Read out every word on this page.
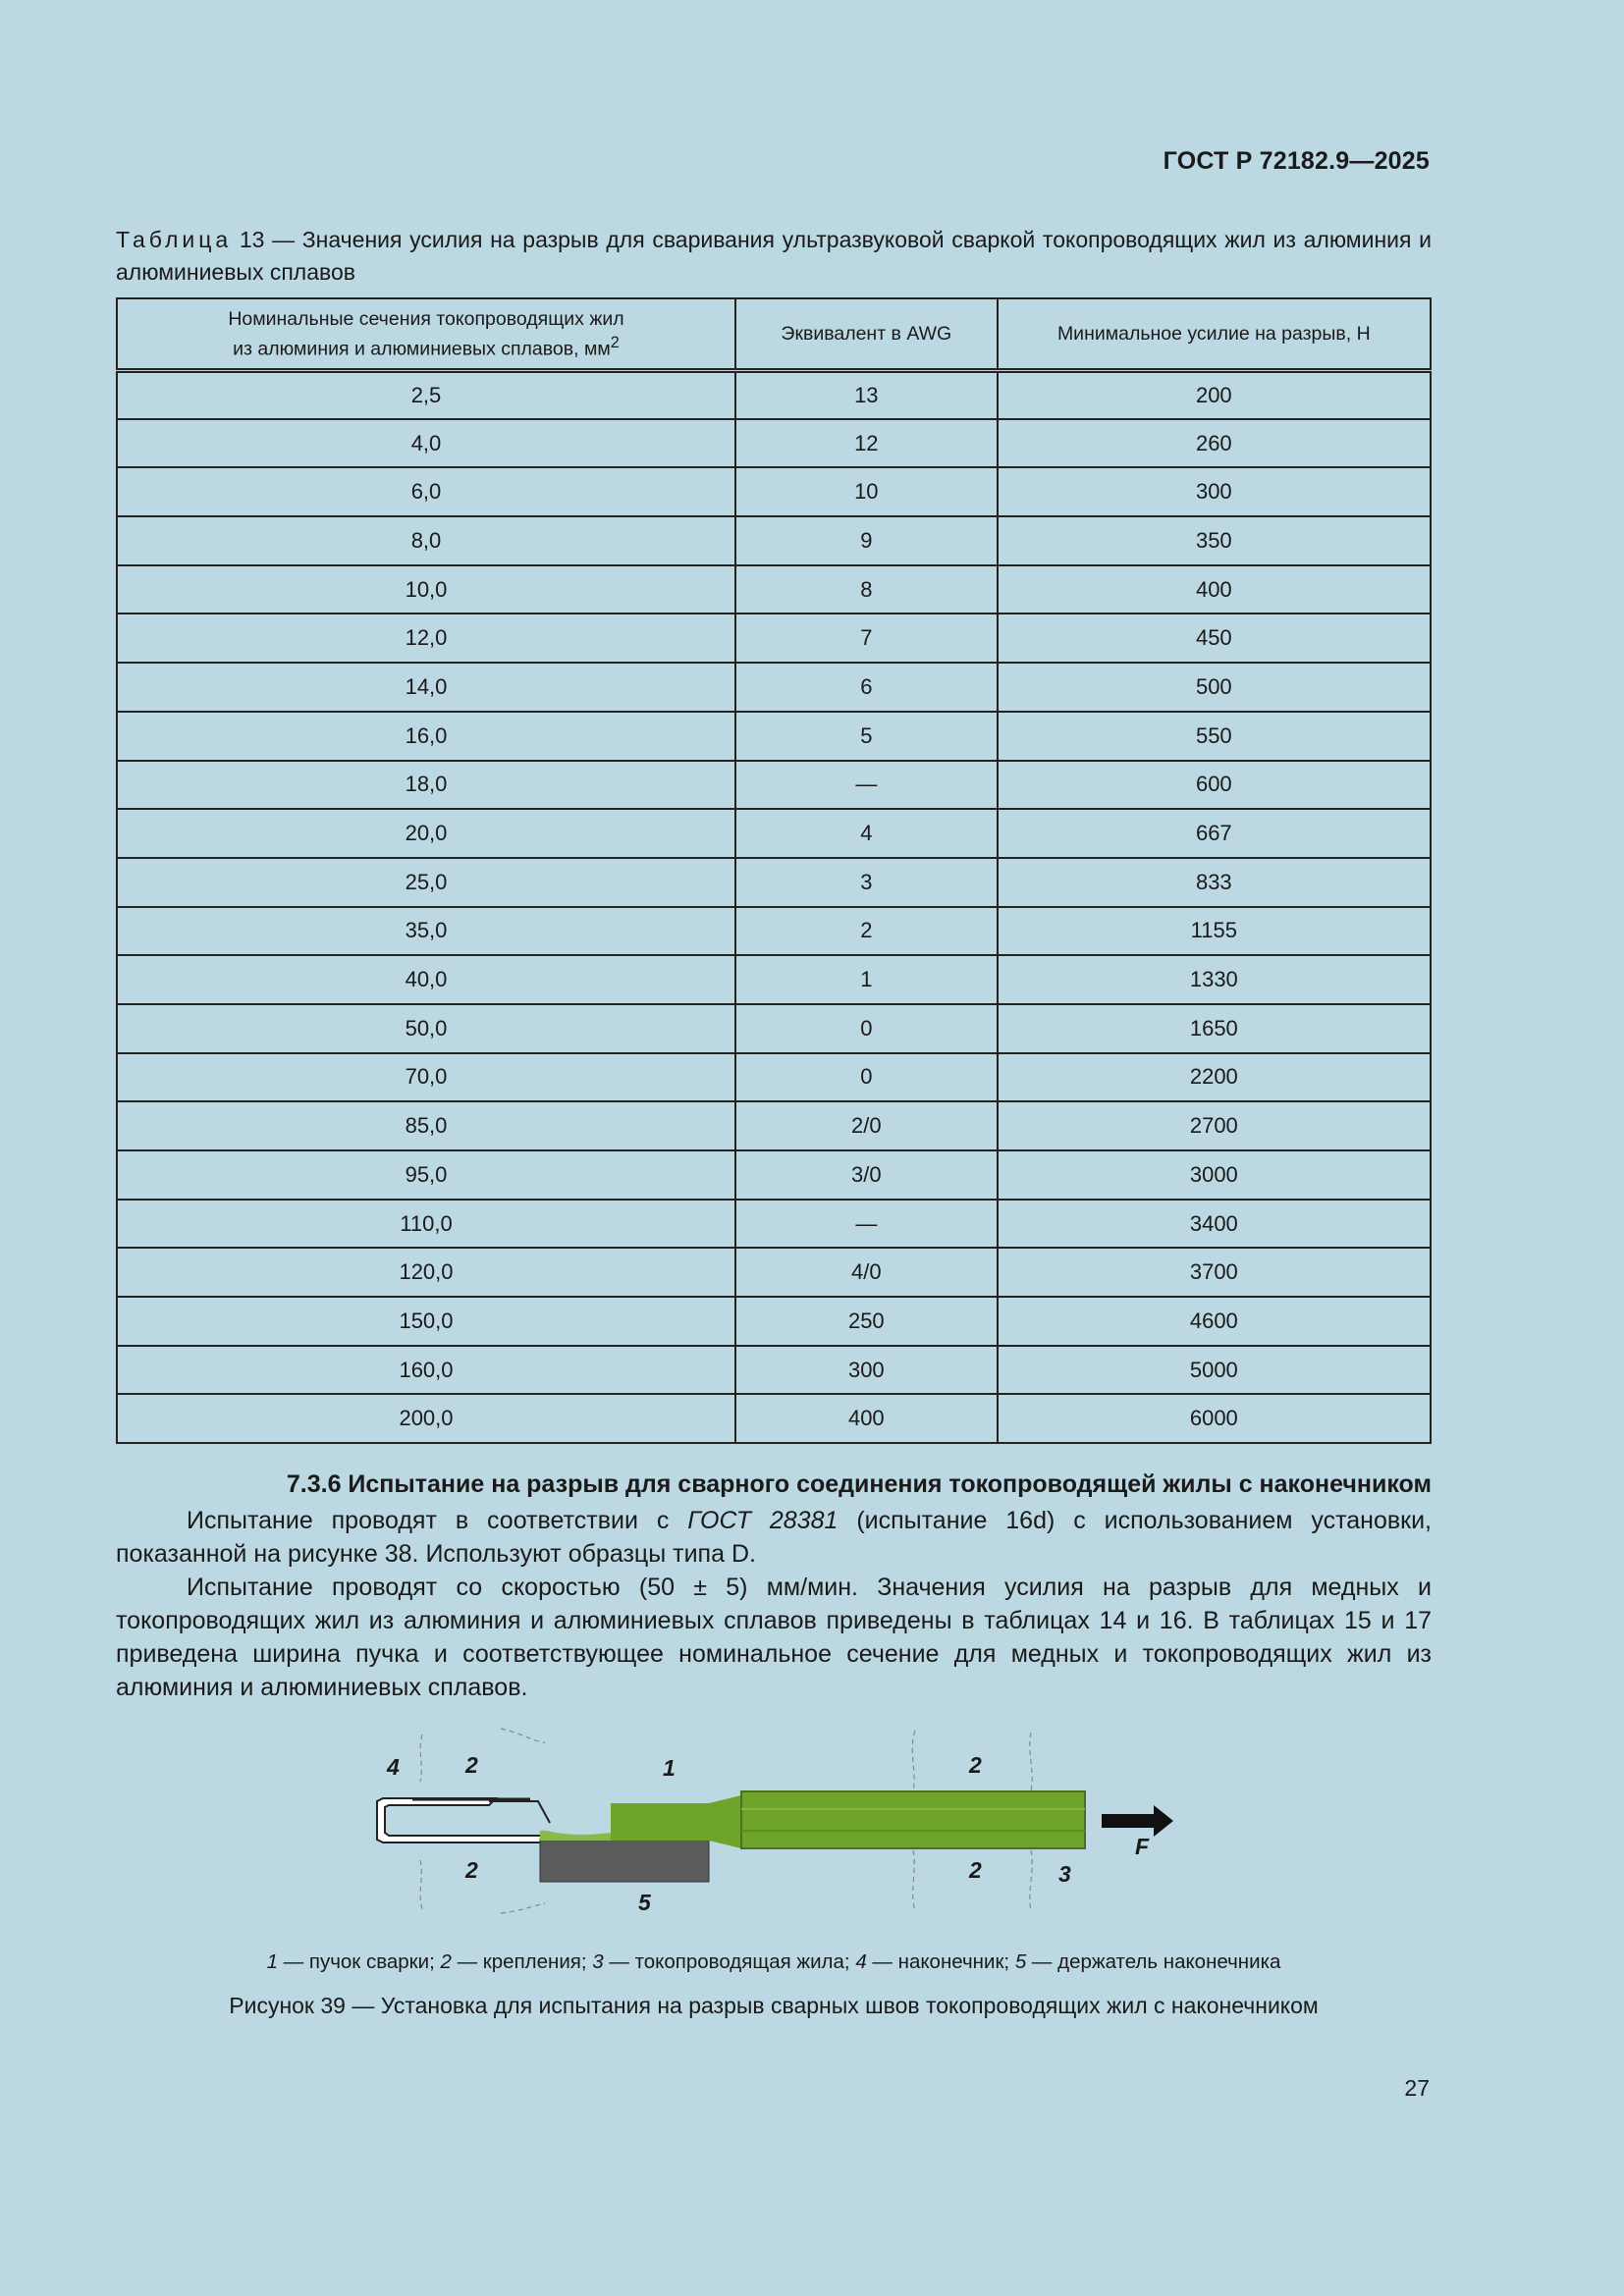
ГОСТ Р 72182.9—2025
Таблица 13 — Значения усилия на разрыв для сваривания ультразвуковой сваркой токопроводящих жил из алюминия и алюминиевых сплавов
Номинальные сечения токопроводящих жил
из алюминия и алюминиевых сплавов, $мм^2$	Эквивалент в AWG	Минимальное усилие на разрыв, Н
2,5	13	200
4,0	12	260
6,0	10	300
8,0	9	350
10,0	8	400
12,0	7	450
14,0	6	500
16,0	5	550
18,0	—	600
20,0	4	667
25,0	3	833
35,0	2	1155
40,0	1	1330
50,0	0	1650
70,0	0	2200
85,0	2/0	2700
95,0	3/0	3000
110,0	—	3400
120,0	4/0	3700
150,0	250	4600
160,0	300	5000
200,0	400	6000
7.3.6 Испытание на разрыв для сварного соединения токопроводящей жилы с наконечником
Испытание проводят в соответствии с ГОСТ 28381 (испытание 16d) с использованием установки, показанной на рисунке 38. Используют образцы типа D.
Испытание проводят со скоростью (50 ± 5) мм/мин. Значения усилия на разрыв для медных и токопроводящих жил из алюминия и алюминиевых сплавов приведены в таблицах 14 и 16. В таблицах 15 и 17 приведена ширина пучка и соответствующее номинальное сечение для медных и токопроводящих жил из алюминия и алюминиевых сплавов.
4	2
2
1	2
2	3
5
F
1 — пучок сварки; 2 — крепления; 3 — токопроводящая жила; 4 — наконечник; 5 — держатель наконечника
Рисунок 39 — Установка для испытания на разрыв сварных швов токопроводящих жил с наконечником
27
